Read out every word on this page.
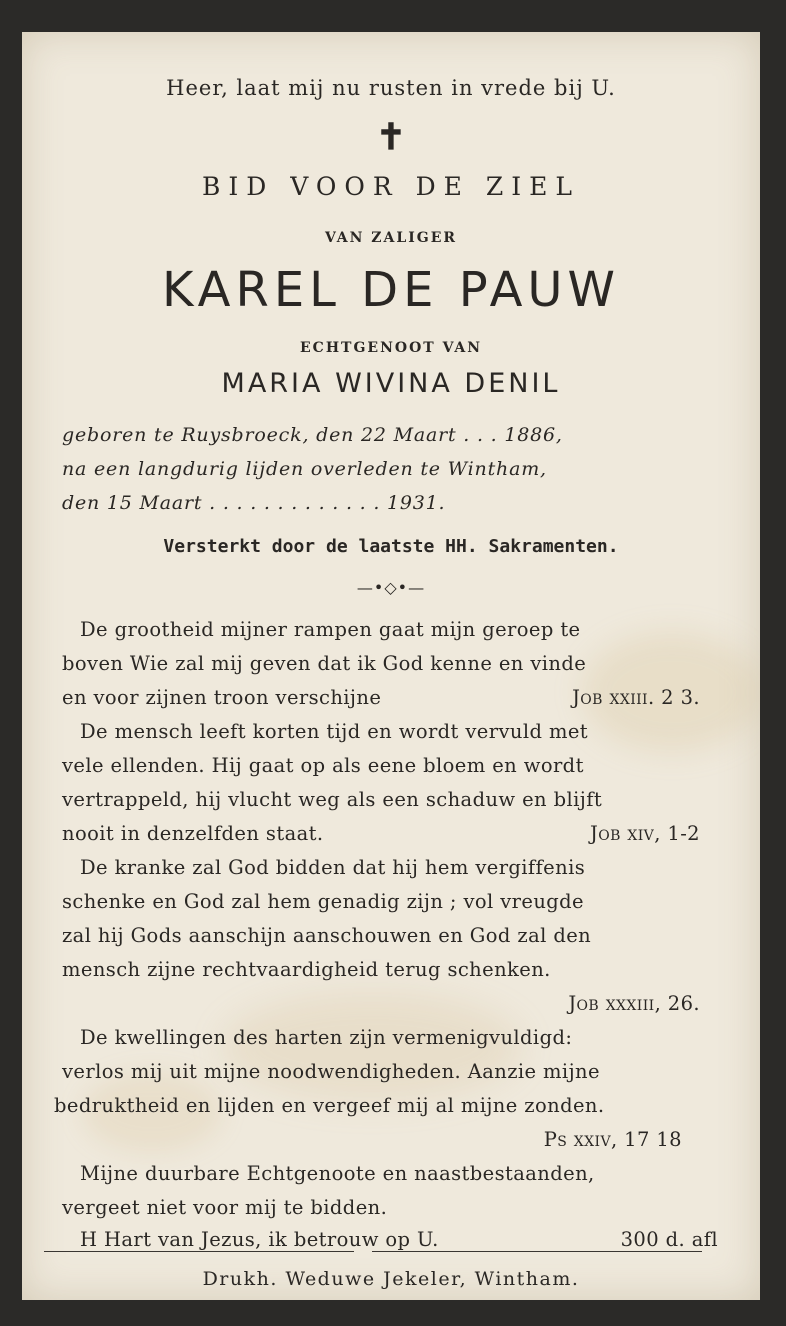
Heer, laat mij nu rusten in vrede bij U.
✝
BID VOOR DE ZIEL
VAN ZALIGER
KAREL DE PAUW
ECHTGENOOT VAN
MARIA WIVINA DENIL
geboren te Ruysbroeck, den 22 Maart . . . 1886,
na een langdurig lijden overleden te Wintham,
den 15 Maart . . . . . . . . . . . . . 1931.
Versterkt door de laatste HH. Sakramenten.
—•◇•—
De grootheid mijner rampen gaat mijn geroep te
boven Wie zal mij geven dat ik God kenne en vinde
en voor zijnen troon verschijne	Job xxiii. 2 3.
De mensch leeft korten tijd en wordt vervuld met
vele ellenden. Hij gaat op als eene bloem en wordt
vertrappeld, hij vlucht weg als een schaduw en blijft
nooit in denzelfden staat.	Job xiv, 1-2
De kranke zal God bidden dat hij hem vergiffenis
schenke en God zal hem genadig zijn ; vol vreugde
zal hij Gods aanschijn aanschouwen en God zal den
mensch zijne rechtvaardigheid terug schenken.
Job xxxiii, 26.
De kwellingen des harten zijn vermenigvuldigd:
verlos mij uit mijne noodwendigheden. Aanzie mijne
bedruktheid en lijden en vergeef mij al mijne zonden.
Ps xxiv, 17 18
Mijne duurbare Echtgenoote en naastbestaanden,
vergeet niet voor mij te bidden.
H Hart van Jezus, ik betrouw op U.	300 d. afl
Drukh. Weduwe Jekeler, Wintham.
